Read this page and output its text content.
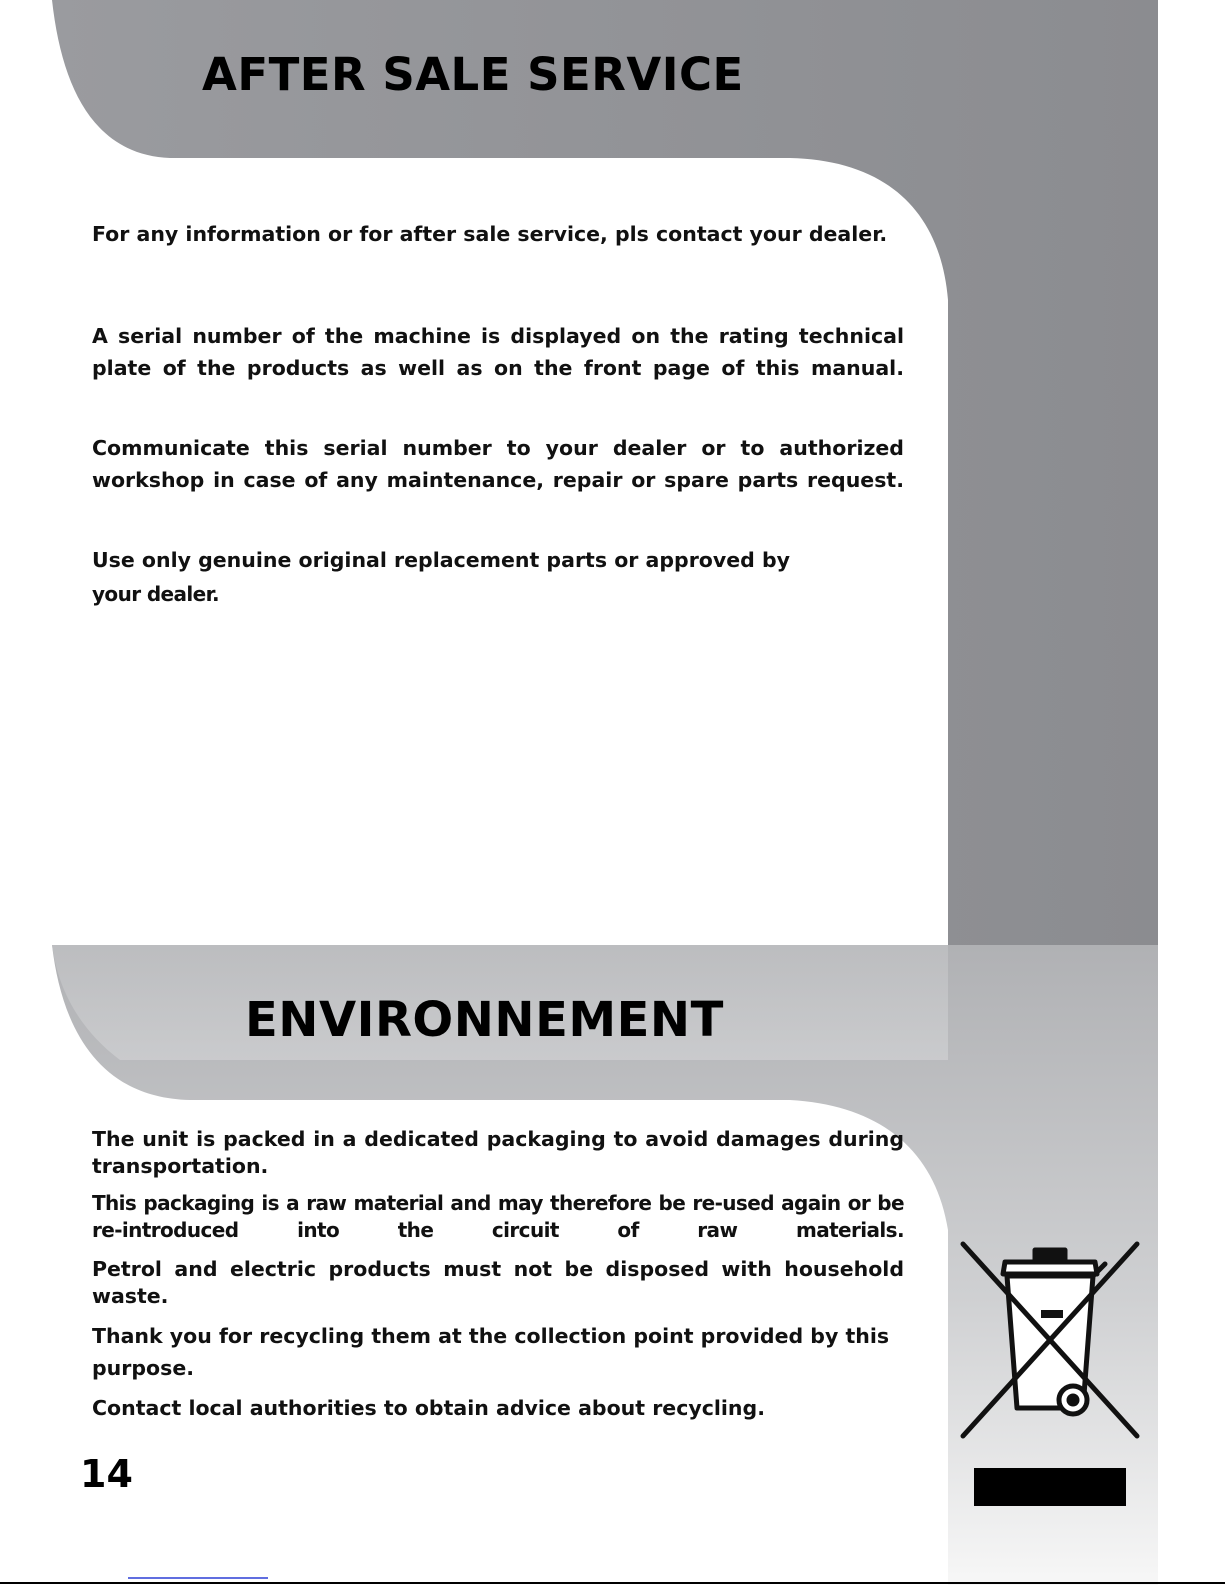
AFTER SALE SERVICE

For any information or for after sale service, pls contact your dealer.

A serial number of the machine is displayed on the rating technical plate of the products as well as on the front page of this manual.

Communicate this serial number to your dealer or to authorized workshop in case of any maintenance, repair or spare parts request.

Use only genuine original replacement parts or approved by

your dealer.

ENVIRONNEMENT

The unit is packed in a dedicated packaging to avoid damages during transportation.

This packaging is a raw material and may therefore be re-used again or be re-introduced into the circuit of raw materials.

Petrol and electric products must not be disposed with household waste.

Thank you for recycling them at the collection point provided by this purpose.

Contact local authorities to obtain advice about recycling.

14
